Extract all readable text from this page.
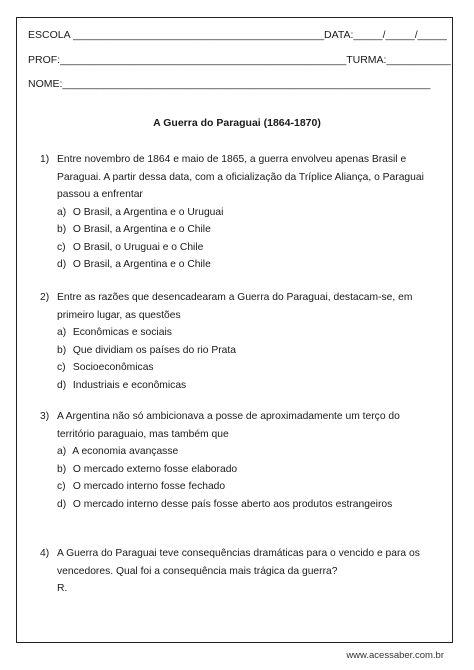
ESCOLA ___________________________________________DATA:_____/_____/_____
PROF:_________________________________________________TURMA:___________
NOME:_______________________________________________________________
A Guerra do Paraguai (1864-1870)
1) Entre novembro de 1864 e maio de 1865, a guerra envolveu apenas Brasil e
Paraguai. A partir dessa data, com a oficialização da Tríplice Aliança, o Paraguai
passou a enfrentar
a) O Brasil, a Argentina e o Uruguai
b) O Brasil, a Argentina e o Chile
c) O Brasil, o Uruguai e o Chile
d) O Brasil, a Argentina e o Chile
2) Entre as razões que desencadearam a Guerra do Paraguai, destacam-se, em
primeiro lugar, as questões
a) Econômicas e sociais
b) Que dividiam os países do rio Prata
c) Socioeconômicas
d) Industriais e econômicas
3) A Argentina não só ambicionava a posse de aproximadamente um terço do
território paraguaio, mas também que
a) A economia avançasse
b) O mercado externo fosse elaborado
c) O mercado interno fosse fechado
d) O mercado interno desse país fosse aberto aos produtos estrangeiros
4) A Guerra do Paraguai teve consequências dramáticas para o vencido e para os
vencedores. Qual foi a consequência mais trágica da guerra?
R.
www.acessaber.com.br
